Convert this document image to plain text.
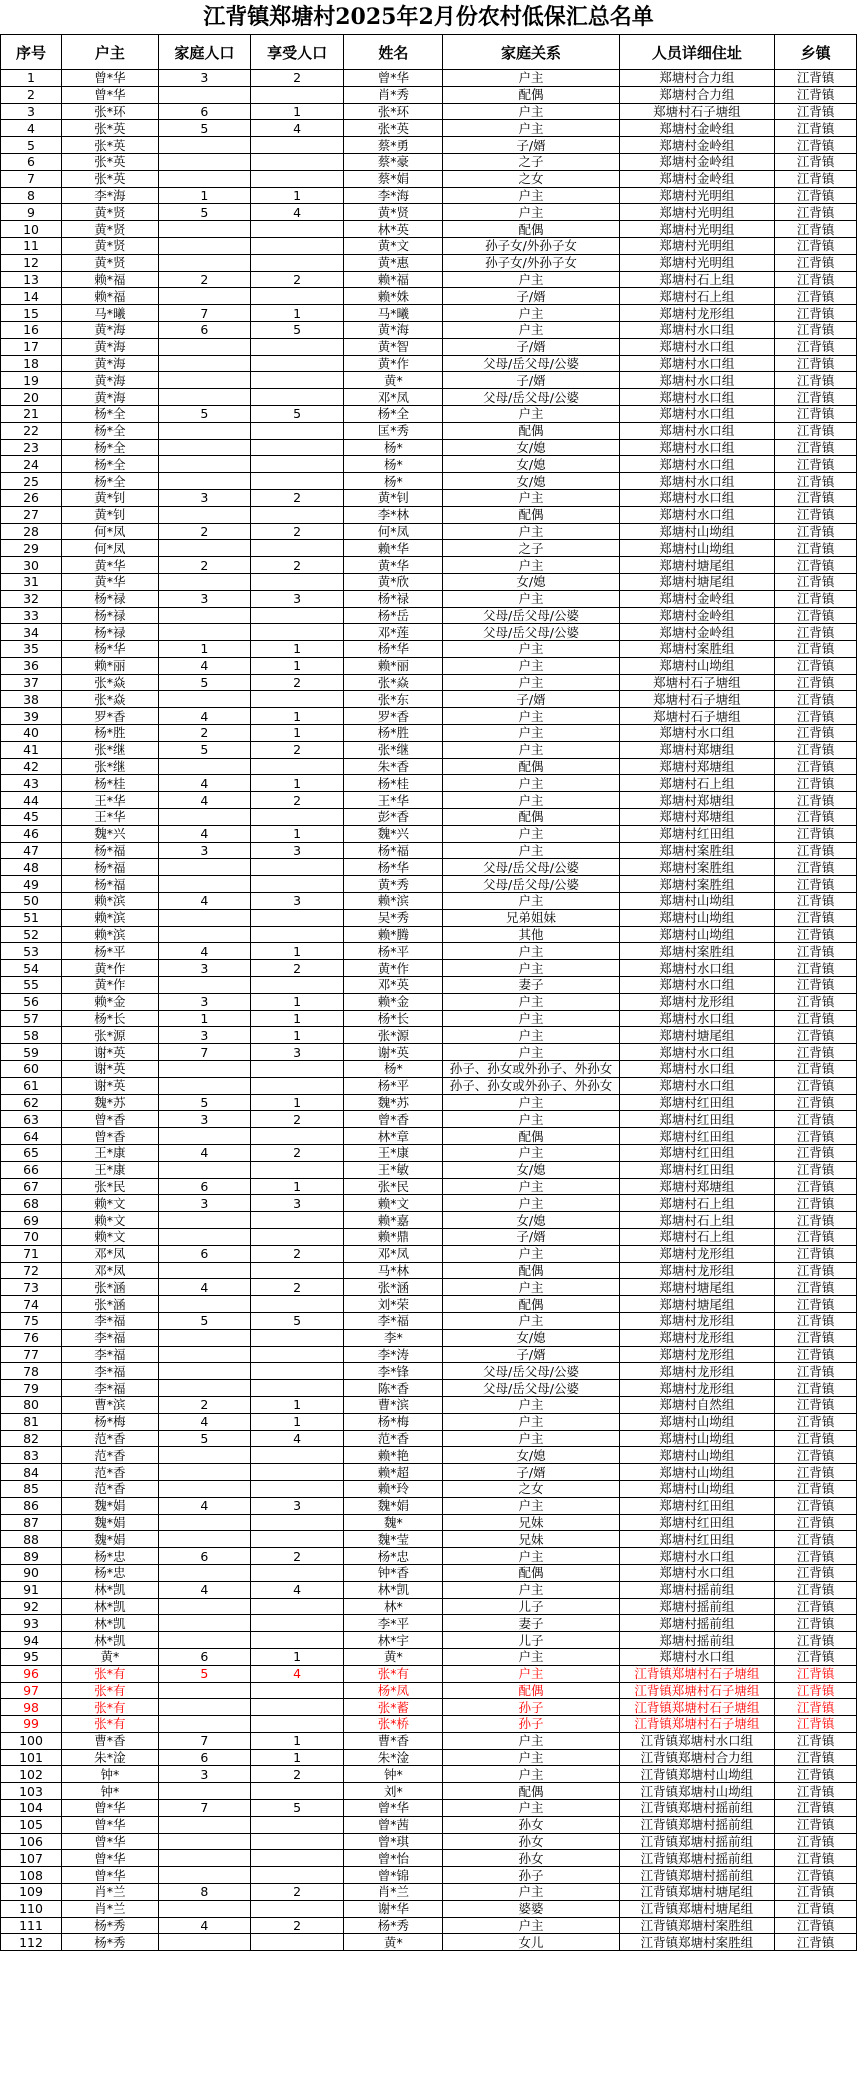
江背镇郑塘村2025年2月份农村低保汇总名单
序号	户主	家庭人口	享受人口	姓名	家庭关系	人员详细住址	乡镇
1	曾*华	3	2	曾*华	户主	郑塘村合力组	江背镇
2	曾*华			肖*秀	配偶	郑塘村合力组	江背镇
3	张*环	6	1	张*环	户主	郑塘村石子塘组	江背镇
4	张*英	5	4	张*英	户主	郑塘村金岭组	江背镇
5	张*英			蔡*勇	子/婿	郑塘村金岭组	江背镇
6	张*英			蔡*豪	之子	郑塘村金岭组	江背镇
7	张*英			蔡*娟	之女	郑塘村金岭组	江背镇
8	李*海	1	1	李*海	户主	郑塘村光明组	江背镇
9	黄*贤	5	4	黄*贤	户主	郑塘村光明组	江背镇
10	黄*贤			林*英	配偶	郑塘村光明组	江背镇
11	黄*贤			黄*文	孙子女/外孙子女	郑塘村光明组	江背镇
12	黄*贤			黄*惠	孙子女/外孙子女	郑塘村光明组	江背镇
13	赖*福	2	2	赖*福	户主	郑塘村石上组	江背镇
14	赖*福			赖*姝	子/婿	郑塘村石上组	江背镇
15	马*曦	7	1	马*曦	户主	郑塘村龙形组	江背镇
16	黄*海	6	5	黄*海	户主	郑塘村水口组	江背镇
17	黄*海			黄*智	子/婿	郑塘村水口组	江背镇
18	黄*海			黄*作	父母/岳父母/公婆	郑塘村水口组	江背镇
19	黄*海			黄*	子/婿	郑塘村水口组	江背镇
20	黄*海			邓*凤	父母/岳父母/公婆	郑塘村水口组	江背镇
21	杨*全	5	5	杨*全	户主	郑塘村水口组	江背镇
22	杨*全			匡*秀	配偶	郑塘村水口组	江背镇
23	杨*全			杨*	女/媳	郑塘村水口组	江背镇
24	杨*全			杨*	女/媳	郑塘村水口组	江背镇
25	杨*全			杨*	女/媳	郑塘村水口组	江背镇
26	黄*钊	3	2	黄*钊	户主	郑塘村水口组	江背镇
27	黄*钊			李*林	配偶	郑塘村水口组	江背镇
28	何*凤	2	2	何*凤	户主	郑塘村山坳组	江背镇
29	何*凤			赖*华	之子	郑塘村山坳组	江背镇
30	黄*华	2	2	黄*华	户主	郑塘村塘尾组	江背镇
31	黄*华			黄*欣	女/媳	郑塘村塘尾组	江背镇
32	杨*禄	3	3	杨*禄	户主	郑塘村金岭组	江背镇
33	杨*禄			杨*岳	父母/岳父母/公婆	郑塘村金岭组	江背镇
34	杨*禄			邓*莲	父母/岳父母/公婆	郑塘村金岭组	江背镇
35	杨*华	1	1	杨*华	户主	郑塘村案胜组	江背镇
36	赖*丽	4	1	赖*丽	户主	郑塘村山坳组	江背镇
37	张*焱	5	2	张*焱	户主	郑塘村石子塘组	江背镇
38	张*焱			张*东	子/婿	郑塘村石子塘组	江背镇
39	罗*香	4	1	罗*香	户主	郑塘村石子塘组	江背镇
40	杨*胜	2	1	杨*胜	户主	郑塘村水口组	江背镇
41	张*继	5	2	张*继	户主	郑塘村郑塘组	江背镇
42	张*继			朱*香	配偶	郑塘村郑塘组	江背镇
43	杨*桂	4	1	杨*桂	户主	郑塘村石上组	江背镇
44	王*华	4	2	王*华	户主	郑塘村郑塘组	江背镇
45	王*华			彭*香	配偶	郑塘村郑塘组	江背镇
46	魏*兴	4	1	魏*兴	户主	郑塘村红田组	江背镇
47	杨*福	3	3	杨*福	户主	郑塘村案胜组	江背镇
48	杨*福			杨*华	父母/岳父母/公婆	郑塘村案胜组	江背镇
49	杨*福			黄*秀	父母/岳父母/公婆	郑塘村案胜组	江背镇
50	赖*滨	4	3	赖*滨	户主	郑塘村山坳组	江背镇
51	赖*滨			吴*秀	兄弟姐妹	郑塘村山坳组	江背镇
52	赖*滨			赖*腾	其他	郑塘村山坳组	江背镇
53	杨*平	4	1	杨*平	户主	郑塘村案胜组	江背镇
54	黄*作	3	2	黄*作	户主	郑塘村水口组	江背镇
55	黄*作			邓*英	妻子	郑塘村水口组	江背镇
56	赖*金	3	1	赖*金	户主	郑塘村龙形组	江背镇
57	杨*长	1	1	杨*长	户主	郑塘村水口组	江背镇
58	张*源	3	1	张*源	户主	郑塘村塘尾组	江背镇
59	谢*英	7	3	谢*英	户主	郑塘村水口组	江背镇
60	谢*英			杨*	孙子、孙女或外孙子、外孙女	郑塘村水口组	江背镇
61	谢*英			杨*平	孙子、孙女或外孙子、外孙女	郑塘村水口组	江背镇
62	魏*苏	5	1	魏*苏	户主	郑塘村红田组	江背镇
63	曾*香	3	2	曾*香	户主	郑塘村红田组	江背镇
64	曾*香			林*章	配偶	郑塘村红田组	江背镇
65	王*康	4	2	王*康	户主	郑塘村红田组	江背镇
66	王*康			王*敏	女/媳	郑塘村红田组	江背镇
67	张*民	6	1	张*民	户主	郑塘村郑塘组	江背镇
68	赖*文	3	3	赖*文	户主	郑塘村石上组	江背镇
69	赖*文			赖*嘉	女/媳	郑塘村石上组	江背镇
70	赖*文			赖*鼎	子/婿	郑塘村石上组	江背镇
71	邓*凤	6	2	邓*凤	户主	郑塘村龙形组	江背镇
72	邓*凤			马*林	配偶	郑塘村龙形组	江背镇
73	张*涵	4	2	张*涵	户主	郑塘村塘尾组	江背镇
74	张*涵			刘*荣	配偶	郑塘村塘尾组	江背镇
75	李*福	5	5	李*福	户主	郑塘村龙形组	江背镇
76	李*福			李*	女/媳	郑塘村龙形组	江背镇
77	李*福			李*涛	子/婿	郑塘村龙形组	江背镇
78	李*福			李*锋	父母/岳父母/公婆	郑塘村龙形组	江背镇
79	李*福			陈*香	父母/岳父母/公婆	郑塘村龙形组	江背镇
80	曹*滨	2	1	曹*滨	户主	郑塘村自然组	江背镇
81	杨*梅	4	1	杨*梅	户主	郑塘村山坳组	江背镇
82	范*香	5	4	范*香	户主	郑塘村山坳组	江背镇
83	范*香			赖*艳	女/媳	郑塘村山坳组	江背镇
84	范*香			赖*超	子/婿	郑塘村山坳组	江背镇
85	范*香			赖*玲	之女	郑塘村山坳组	江背镇
86	魏*娟	4	3	魏*娟	户主	郑塘村红田组	江背镇
87	魏*娟			魏*	兄妹	郑塘村红田组	江背镇
88	魏*娟			魏*莹	兄妹	郑塘村红田组	江背镇
89	杨*忠	6	2	杨*忠	户主	郑塘村水口组	江背镇
90	杨*忠			钟*香	配偶	郑塘村水口组	江背镇
91	林*凯	4	4	林*凯	户主	郑塘村摇前组	江背镇
92	林*凯			林*	儿子	郑塘村摇前组	江背镇
93	林*凯			李*平	妻子	郑塘村摇前组	江背镇
94	林*凯			林*宇	儿子	郑塘村摇前组	江背镇
95	黄*	6	1	黄*	户主	郑塘村水口组	江背镇
96	张*有	5	4	张*有	户主	江背镇郑塘村石子塘组	江背镇
97	张*有			杨*凤	配偶	江背镇郑塘村石子塘组	江背镇
98	张*有			张*蓄	孙子	江背镇郑塘村石子塘组	江背镇
99	张*有			张*桥	孙子	江背镇郑塘村石子塘组	江背镇
100	曹*香	7	1	曹*香	户主	江背镇郑塘村水口组	江背镇
101	朱*淦	6	1	朱*淦	户主	江背镇郑塘村合力组	江背镇
102	钟*	3	2	钟*	户主	江背镇郑塘村山坳组	江背镇
103	钟*			刘*	配偶	江背镇郑塘村山坳组	江背镇
104	曾*华	7	5	曾*华	户主	江背镇郑塘村摇前组	江背镇
105	曾*华			曾*茜	孙女	江背镇郑塘村摇前组	江背镇
106	曾*华			曾*琪	孙女	江背镇郑塘村摇前组	江背镇
107	曾*华			曾*怡	孙女	江背镇郑塘村摇前组	江背镇
108	曾*华			曾*锦	孙子	江背镇郑塘村摇前组	江背镇
109	肖*兰	8	2	肖*兰	户主	江背镇郑塘村塘尾组	江背镇
110	肖*兰			谢*华	婆婆	江背镇郑塘村塘尾组	江背镇
111	杨*秀	4	2	杨*秀	户主	江背镇郑塘村案胜组	江背镇
112	杨*秀			黄*	女儿	江背镇郑塘村案胜组	江背镇
